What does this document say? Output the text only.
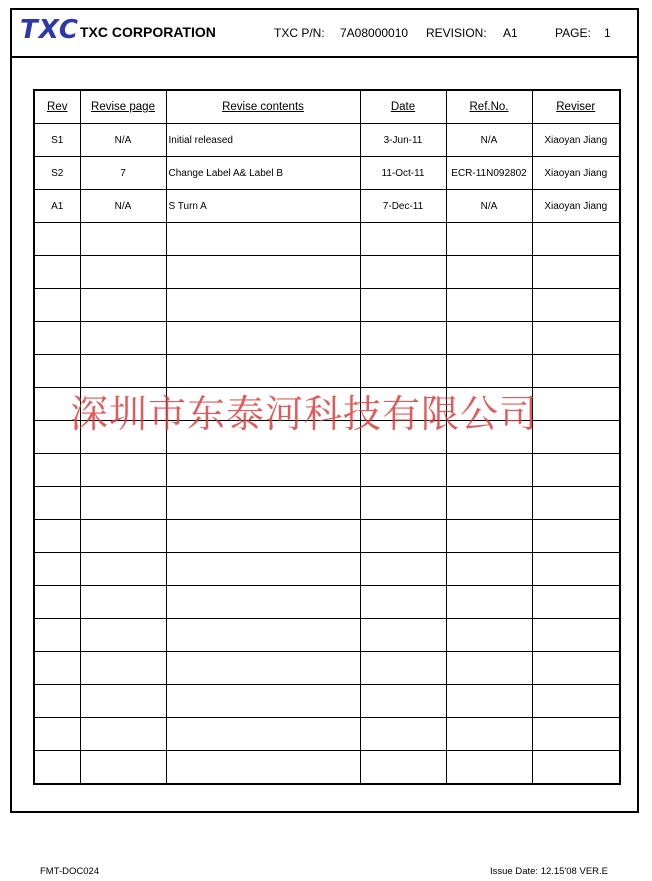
TXC TXC CORPORATION	TXC P/N: 7A08000010 REVISION: A1	PAGE: 1
Rev	Revise page	Revise contents	Date	Ref.No.	Reviser
S1	N/A	Initial released	3-Jun-11	N/A	Xiaoyan Jiang
S2	7	Change Label A& Label B	11-Oct-11	ECR-11N092802	Xiaoyan Jiang
A1	N/A	S Turn A	7-Dec-11	N/A	Xiaoyan Jiang

深圳市东泰河科技有限公司
FMT-DOC024	Issue Date: 12.15'08 VER.E
